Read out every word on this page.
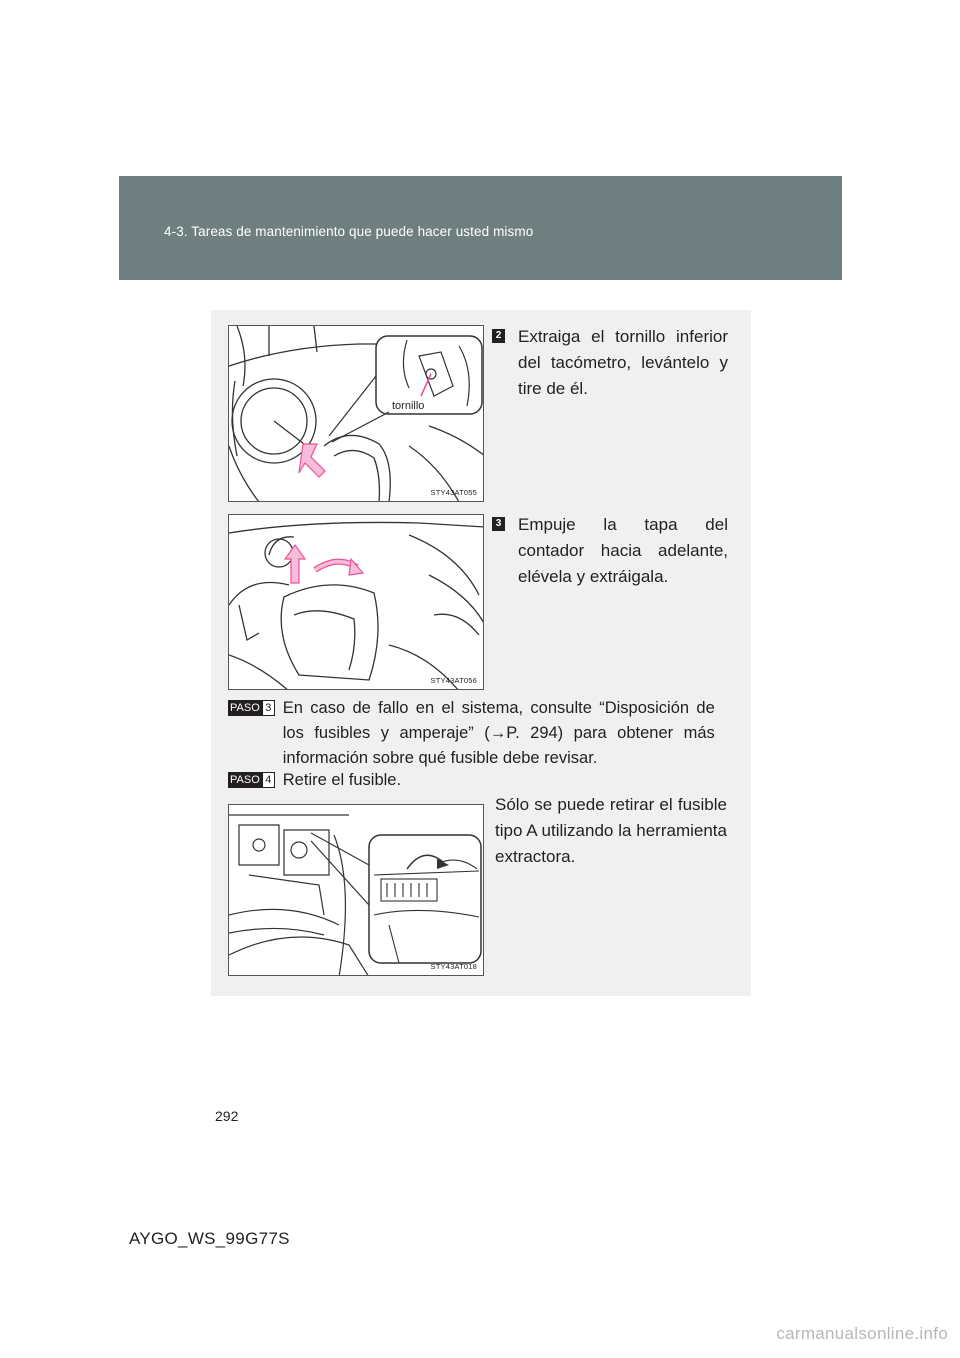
4-3. Tareas de mantenimiento que puede hacer usted mismo
tornillo
STY43AT055
STY43AT056
STY43AT018
2 Extraiga el tornillo inferior del tacómetro, levántelo y tire de él.
3 Empuje la tapa del contador hacia adelante, elévela y extráigala.
PASO 3 En caso de fallo en el sistema, consulte “Disposición de los fusibles y amperaje” (→P. 294) para obtener más información sobre qué fusible debe revisar.
PASO 4 Retire el fusible.
Sólo se puede retirar el fusible tipo A utilizando la herramienta extractora.
292
AYGO_WS_99G77S
carmanualsonline.info
